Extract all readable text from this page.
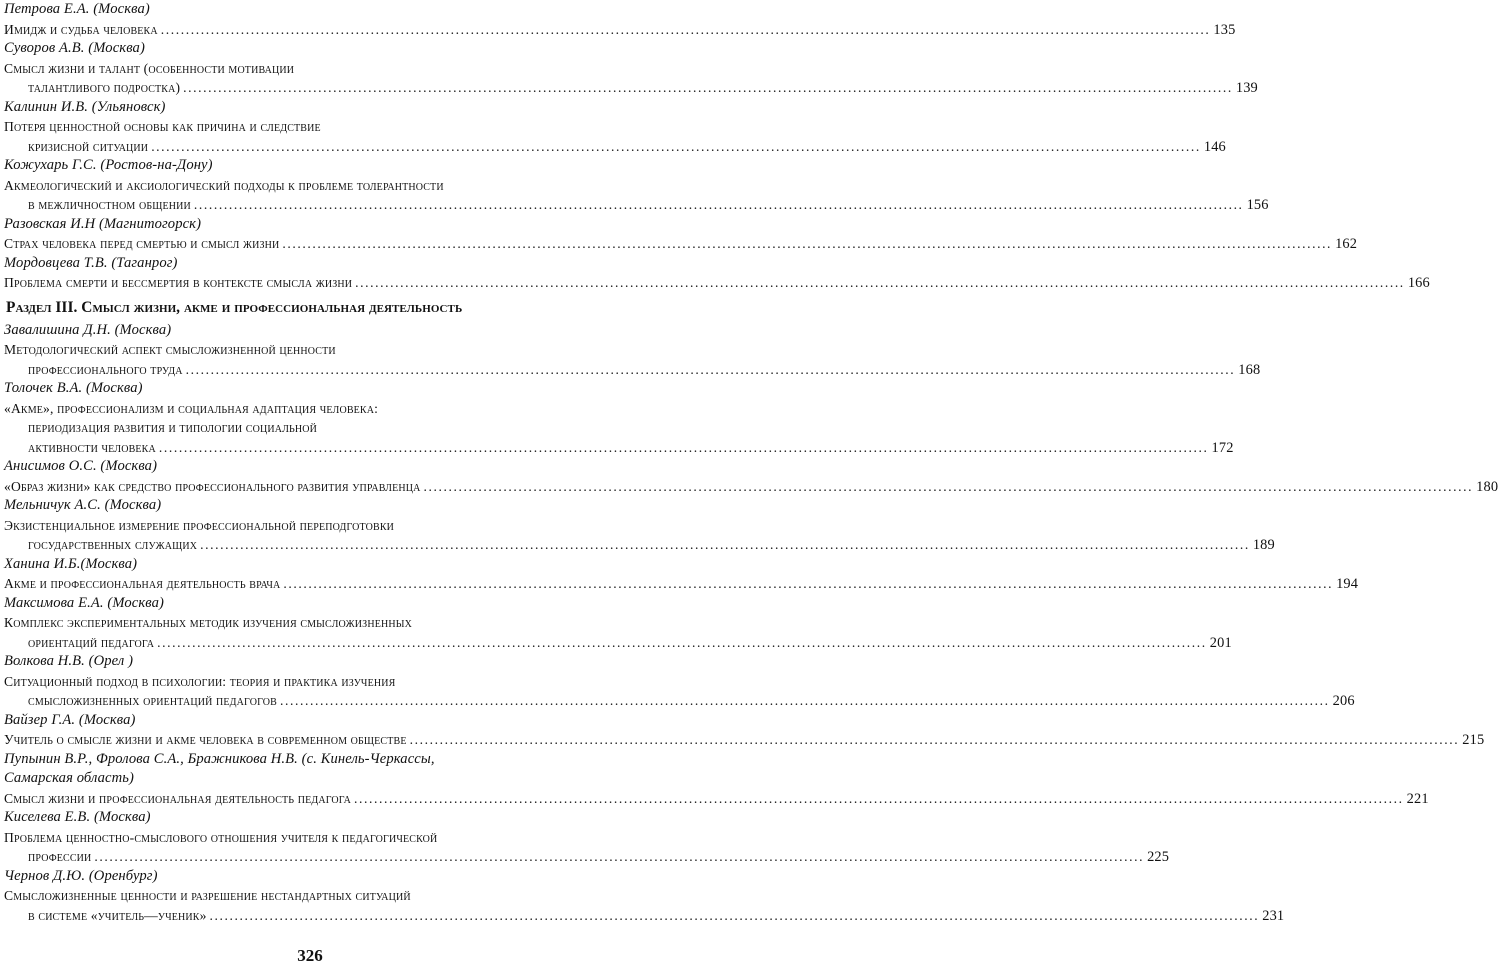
Петрова Е.А. (Москва)
Имидж и судьба человека .....	135
Суворов А.В. (Москва)
Смысл жизни и талант (особенности мотивации
талантливого подростка) .....	139
Калинин И.В. (Ульяновск)
Потеря ценностной основы как причина и следствие
кризисной ситуации .....	146
Кожухарь Г.С. (Ростов-на-Дону)
Акмеологический и аксиологический подходы к проблеме толерантности
в межличностном общении .....	156
Разовская И.Н (Магнитогорск)
Страх человека перед смертью и смысл жизни .....	162
Мордовцева Т.В. (Таганрог)
Проблема смерти и бессмертия в контексте смысла жизни .....	166
Раздел III. Смысл жизни, акме и профессиональная деятельность
Завалишина Д.Н. (Москва)
Методологический аспект смысложизненной ценности
профессионального труда .....	168
Толочек В.А. (Москва)
«Акме», профессионализм и социальная адаптация человека:
периодизация развития и типологии социальной
активности человека .....	172
Анисимов О.С. (Москва)
«Образ жизни» как средство профессионального развития управленца .....	180
Мельничук А.С. (Москва)
Экзистенциальное измерение профессиональной переподготовки
государственных служащих .....	189
Ханина И.Б.(Москва)
Акме и профессиональная деятельность врача .....	194
Максимова Е.А. (Москва)
Комплекс экспериментальных методик изучения смысложизненных
ориентаций педагога .....	201
Волкова Н.В. (Орел )
Ситуационный подход в психологии: теория и практика изучения
смысложизненных ориентаций педагогов .....	206
Вайзер Г.А. (Москва)
Учитель о смысле жизни и акме человека в современном обществе .....	215
Пупынин В.Р., Фролова С.А., Бражникова Н.В. (с. Кинель-Черкассы,
Самарская область)
Смысл жизни и профессиональная деятельность педагога .....	221
Киселева Е.В. (Москва)
Проблема ценностно-смыслового отношения учителя к педагогической
профессии .....	225
Чернов Д.Ю. (Оренбург)
Смысложизненные ценности и разрешение нестандартных ситуаций
в системе «учитель—ученик» .....	231
326
